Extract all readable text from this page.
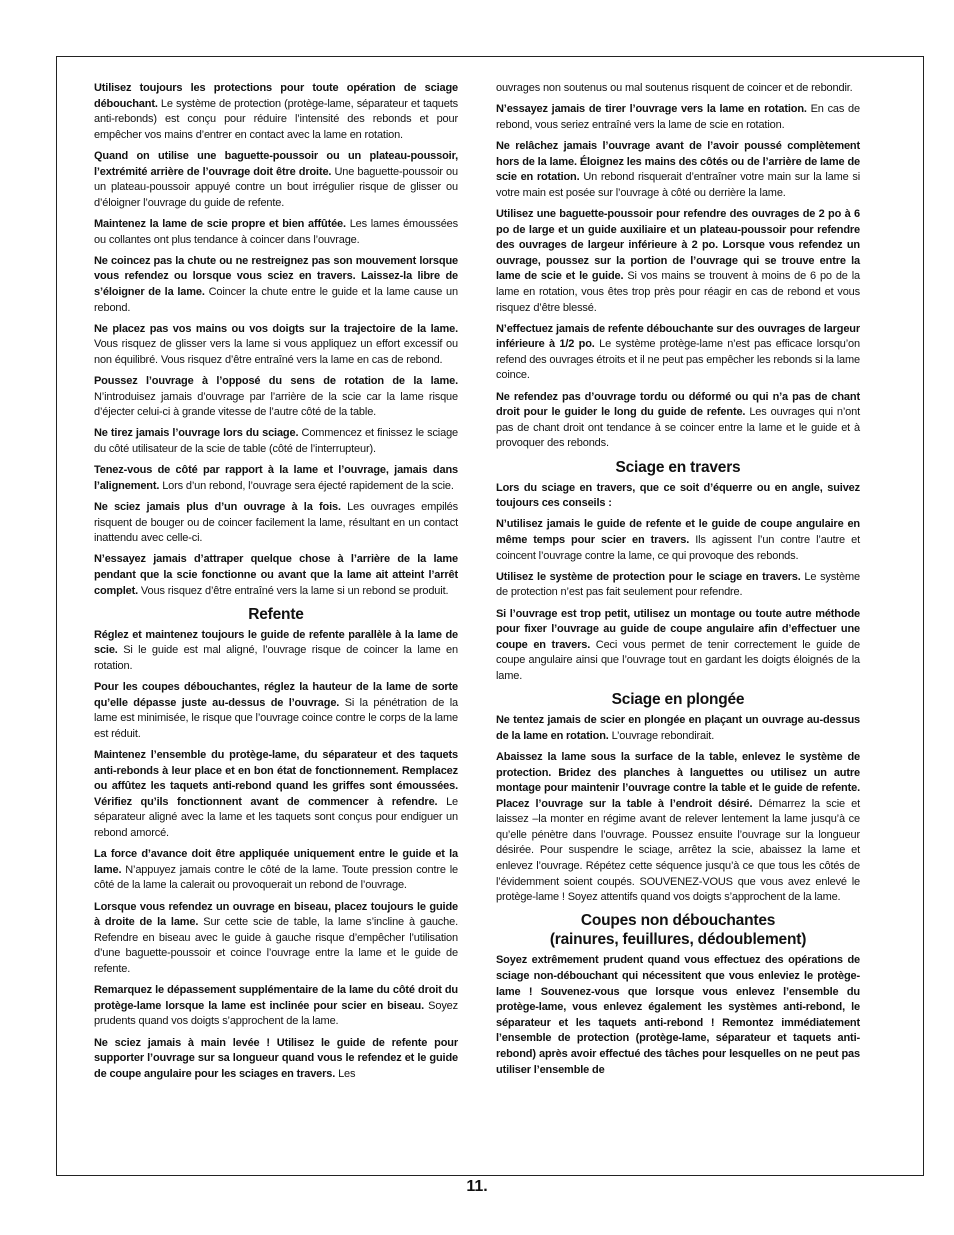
Utilisez toujours les protections pour toute opération de sciage débouchant. Le système de protection (protège-lame, séparateur et taquets anti-rebonds) est conçu pour réduire l’intensité des rebonds et pour empêcher vos mains d’entrer en contact avec la lame en rotation.

Quand on utilise une baguette-poussoir ou un plateau-poussoir, l’extrémité arrière de l’ouvrage doit être droite. Une baguette-poussoir ou un plateau-poussoir appuyé contre un bout irrégulier risque de glisser ou d’éloigner l’ouvrage du guide de refente.

Maintenez la lame de scie propre et bien affûtée. Les lames émoussées ou collantes ont plus tendance à coincer dans l’ouvrage.

Ne coincez pas la chute ou ne restreignez pas son mouvement lorsque vous refendez ou lorsque vous sciez en travers. Laissez-la libre de s’éloigner de la lame. Coincer la chute entre le guide et la lame cause un rebond.

Ne placez pas vos mains ou vos doigts sur la trajectoire de la lame. Vous risquez de glisser vers la lame si vous appliquez un effort excessif ou non équilibré. Vous risquez d’être entraîné vers la lame en cas de rebond.

Poussez l’ouvrage à l’opposé du sens de rotation de la lame. N’introduisez jamais d’ouvrage par l’arrière de la scie car la lame risque d’éjecter celui-ci à grande vitesse de l’autre côté de la table.

Ne tirez jamais l’ouvrage lors du sciage. Commencez et finissez le sciage du côté utilisateur de la scie de table (côté de l’interrupteur).

Tenez-vous de côté par rapport à la lame et l’ouvrage, jamais dans l’alignement. Lors d’un rebond, l’ouvrage sera éjecté rapidement de la scie.

Ne sciez jamais plus d’un ouvrage à la fois. Les ouvrages empilés risquent de bouger ou de coincer facilement la lame, résultant en un contact inattendu avec celle-ci.

N’essayez jamais d’attraper quelque chose à l’arrière de la lame pendant que la scie fonctionne ou avant que la lame ait atteint l’arrêt complet. Vous risquez d’être entraîné vers la lame si un rebond se produit.

Refente

Réglez et maintenez toujours le guide de refente parallèle à la lame de scie. Si le guide est mal aligné, l’ouvrage risque de coincer la lame en rotation.

Pour les coupes débouchantes, réglez la hauteur de la lame de sorte qu’elle dépasse juste au-dessus de l’ouvrage. Si la pénétration de la lame est minimisée, le risque que l’ouvrage coince contre le corps de la lame est réduit.

Maintenez l’ensemble du protège-lame, du séparateur et des taquets anti-rebonds à leur place et en bon état de fonctionnement. Remplacez ou affûtez les taquets anti-rebond quand les griffes sont émoussées. Vérifiez qu’ils fonctionnent avant de commencer à refendre. Le séparateur aligné avec la lame et les taquets sont conçus pour endiguer un rebond amorcé.

La force d’avance doit être appliquée uniquement entre le guide et la lame. N’appuyez jamais contre le côté de la lame. Toute pression contre le côté de la lame la calerait ou provoquerait un rebond de l’ouvrage.

Lorsque vous refendez un ouvrage en biseau, placez toujours le guide à droite de la lame. Sur cette scie de table, la lame s’incline à gauche. Refendre en biseau avec le guide à gauche risque d’empêcher l’utilisation d’une baguette-poussoir et coince l’ouvrage entre la lame et le guide de refente.

Remarquez le dépassement supplémentaire de la lame du côté droit du protège-lame lorsque la lame est inclinée pour scier en biseau. Soyez prudents quand vos doigts s’approchent de la lame.

Ne sciez jamais à main levée ! Utilisez le guide de refente pour supporter l’ouvrage sur sa longueur quand vous le refendez et le guide de coupe angulaire pour les sciages en travers. Les

ouvrages non soutenus ou mal soutenus risquent de coincer et de rebondir.

N’essayez jamais de tirer l’ouvrage vers la lame en rotation. En cas de rebond, vous seriez entraîné vers la lame de scie en rotation.

Ne relâchez jamais l’ouvrage avant de l’avoir poussé complètement hors de la lame. Éloignez les mains des côtés ou de l’arrière de lame de scie en rotation. Un rebond risquerait d’entraîner votre main sur la lame si votre main est posée sur l’ouvrage à côté ou derrière la lame.

Utilisez une baguette-poussoir pour refendre des ouvrages de 2 po à 6 po de large et un guide auxiliaire et un plateau-poussoir pour refendre des ouvrages de largeur inférieure à 2 po. Lorsque vous refendez un ouvrage, poussez sur la portion de l’ouvrage qui se trouve entre la lame de scie et le guide. Si vos mains se trouvent à moins de 6 po de la lame en rotation, vous êtes trop près pour réagir en cas de rebond et vous risquez d’être blessé.

N’effectuez jamais de refente débouchante sur des ouvrages de largeur inférieure à 1/2 po. Le système protège-lame n’est pas efficace lorsqu’on refend des ouvrages étroits et il ne peut pas empêcher les rebonds si la lame coince.

Ne refendez pas d’ouvrage tordu ou déformé ou qui n’a pas de chant droit pour le guider le long du guide de refente. Les ouvrages qui n’ont pas de chant droit ont tendance à se coincer entre la lame et le guide et à provoquer des rebonds.

Sciage en travers

Lors du sciage en travers, que ce soit d’équerre ou en angle, suivez toujours ces conseils :

N’utilisez jamais le guide de refente et le guide de coupe angulaire en même temps pour scier en travers. Ils agissent l’un contre l’autre et coincent l’ouvrage contre la lame, ce qui provoque des rebonds.

Utilisez le système de protection pour le sciage en travers. Le système de protection n’est pas fait seulement pour refendre.

Si l’ouvrage est trop petit, utilisez un montage ou toute autre méthode pour fixer l’ouvrage au guide de coupe angulaire afin d’effectuer une coupe en travers. Ceci vous permet de tenir correctement le guide de coupe angulaire ainsi que l’ouvrage tout en gardant les doigts éloignés de la lame.

Sciage en plongée

Ne tentez jamais de scier en plongée en plaçant un ouvrage au-dessus de la lame en rotation. L’ouvrage rebondirait.

Abaissez la lame sous la surface de la table, enlevez le système de protection. Bridez des planches à languettes ou utilisez un autre montage pour maintenir l’ouvrage contre la table et le guide de refente. Placez l’ouvrage sur la table à l’endroit désiré. Démarrez la scie et laissez –la monter en régime avant de relever lentement la lame jusqu’à ce qu’elle pénètre dans l’ouvrage. Poussez ensuite l’ouvrage sur la longueur désirée. Pour suspendre le sciage, arrêtez la scie, abaissez la lame et enlevez l’ouvrage. Répétez cette séquence jusqu’à ce que tous les côtés de l’évidemment soient coupés. SOUVENEZ-VOUS que vous avez enlevé le protège-lame ! Soyez attentifs quand vos doigts s’approchent de la lame.

Coupes non débouchantes
(rainures, feuillures, dédoublement)

Soyez extrêmement prudent quand vous effectuez des opérations de sciage non-débouchant qui nécessitent que vous enleviez le protège-lame ! Souvenez-vous que lorsque vous enlevez l’ensemble du protège-lame, vous enlevez également les systèmes anti-rebond, le séparateur et les taquets anti-rebond ! Remontez immédiatement l’ensemble de protection (protège-lame, séparateur et taquets anti-rebond) après avoir effectué des tâches pour lesquelles on ne peut pas utiliser l’ensemble de

11.
